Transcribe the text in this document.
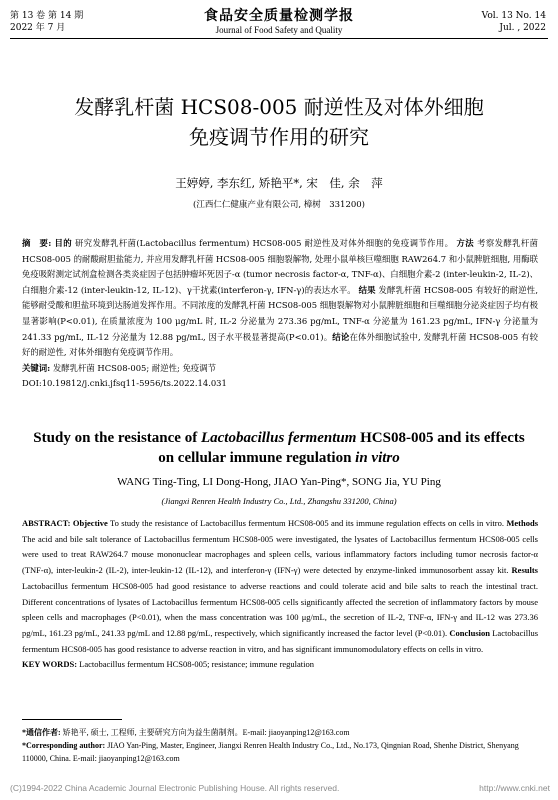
第 13 卷 第 14 期
2022 年 7 月
食品安全质量检测学报
Journal of Food Safety and Quality
Vol. 13 No. 14
Jul. , 2022
发酵乳杆菌 HCS08-005 耐逆性及对体外细胞
免疫调节作用的研究
王婷婷, 李东红, 矫艳平*, 宋　佳, 余　萍
(江西仁仁健康产业有限公司, 樟树　331200)
摘　要: 目的 研究发酵乳杆菌(Lactobacillus fermentum) HCS08-005 耐逆性及对体外细胞的免疫调节作用。 方法 考察发酵乳杆菌 HCS08-005 的耐酸耐胆盐能力, 并应用发酵乳杆菌 HCS08-005 细胞裂解物, 处理小鼠单核巨噬细胞 RAW264.7 和小鼠脾脏细胞, 用酶联免疫吸附测定试剂盒检测各类炎症因子包括肿瘤坏死因子-α (tumor necrosis factor-α, TNF-α)、白细胞介素-2 (inter-leukin-2, IL-2)、白细胞介素-12 (inter-leukin-12, IL-12)、γ干扰素(interferon-γ, IFN-γ)的表达水平。 结果 发酵乳杆菌 HCS08-005 有较好的耐逆性, 能够耐受酸和胆盐环境到达肠道发挥作用。不同浓度的发酵乳杆菌 HCS08-005 细胞裂解物对小鼠脾脏细胞和巨噬细胞分泌炎症因子均有极显著影响(P<0.01), 在质量浓度为 100 μg/mL 时, IL-2 分泌量为 273.36 pg/mL, TNF-α 分泌量为 161.23 pg/mL, IFN-γ 分泌量为 241.33 pg/mL, IL-12 分泌量为 12.88 pg/mL, 因子水平极显著提高(P<0.01)。结论在体外细胞试验中, 发酵乳杆菌 HCS08-005 有较好的耐逆性, 对体外细胞有免疫调节作用。
关键词: 发酵乳杆菌 HCS08-005; 耐逆性; 免疫调节
DOI:10.19812/j.cnki.jfsq11-5956/ts.2022.14.031
Study on the resistance of Lactobacillus fermentum HCS08-005 and its effects
on cellular immune regulation in vitro
WANG Ting-Ting, LI Dong-Hong, JIAO Yan-Ping*, SONG Jia, YU Ping
(Jiangxi Renren Health Industry Co., Ltd., Zhangshu 331200, China)
ABSTRACT: Objective To study the resistance of Lactobacillus fermentum HCS08-005 and its immune regulation effects on cells in vitro. Methods The acid and bile salt tolerance of Lactobacillus fermentum HCS08-005 were investigated, the lysates of Lactobacillus fermentum HCS08-005 cells were used to treat RAW264.7 mouse mononuclear macrophages and spleen cells, various inflammatory factors including tumor necrosis factor-α (TNF-α), inter-leukin-2 (IL-2), inter-leukin-12 (IL-12), and interferon-γ (IFN-γ) were detected by enzyme-linked immunosorbent assay kit. Results Lactobacillus fermentum HCS08-005 had good resistance to adverse reactions and could tolerate acid and bile salts to reach the intestinal tract. Different concentrations of lysates of Lactobacillus fermentum HCS08-005 cells significantly affected the secretion of inflammatory factors by mouse spleen cells and macrophages (P<0.01), when the mass concentration was 100 μg/mL, the secretion of IL-2, TNF-α, IFN-γ and IL-12 was 273.36 pg/mL, 161.23 pg/mL, 241.33 pg/mL and 12.88 pg/mL, respectively, which significantly increased the factor level (P<0.01). Conclusion Lactobacillus fermentum HCS08-005 has good resistance to adverse reaction in vitro, and has significant immunomodulatory effects on cells in vitro.
KEY WORDS: Lactobacillus fermentum HCS08-005; resistance; immune regulation
*通信作者: 矫艳平, 硕士, 工程师, 主要研究方向为益生菌制剂。E-mail: jiaoyanping12@163.com
*Corresponding author: JIAO Yan-Ping, Master, Engineer, Jiangxi Renren Health Industry Co., Ltd., No.173, Qingnian Road, Shenhe District, Shenyang 110000, China. E-mail: jiaoyanping12@163.com
(C)1994-2022 China Academic Journal Electronic Publishing House. All rights reserved.	http://www.cnki.net
